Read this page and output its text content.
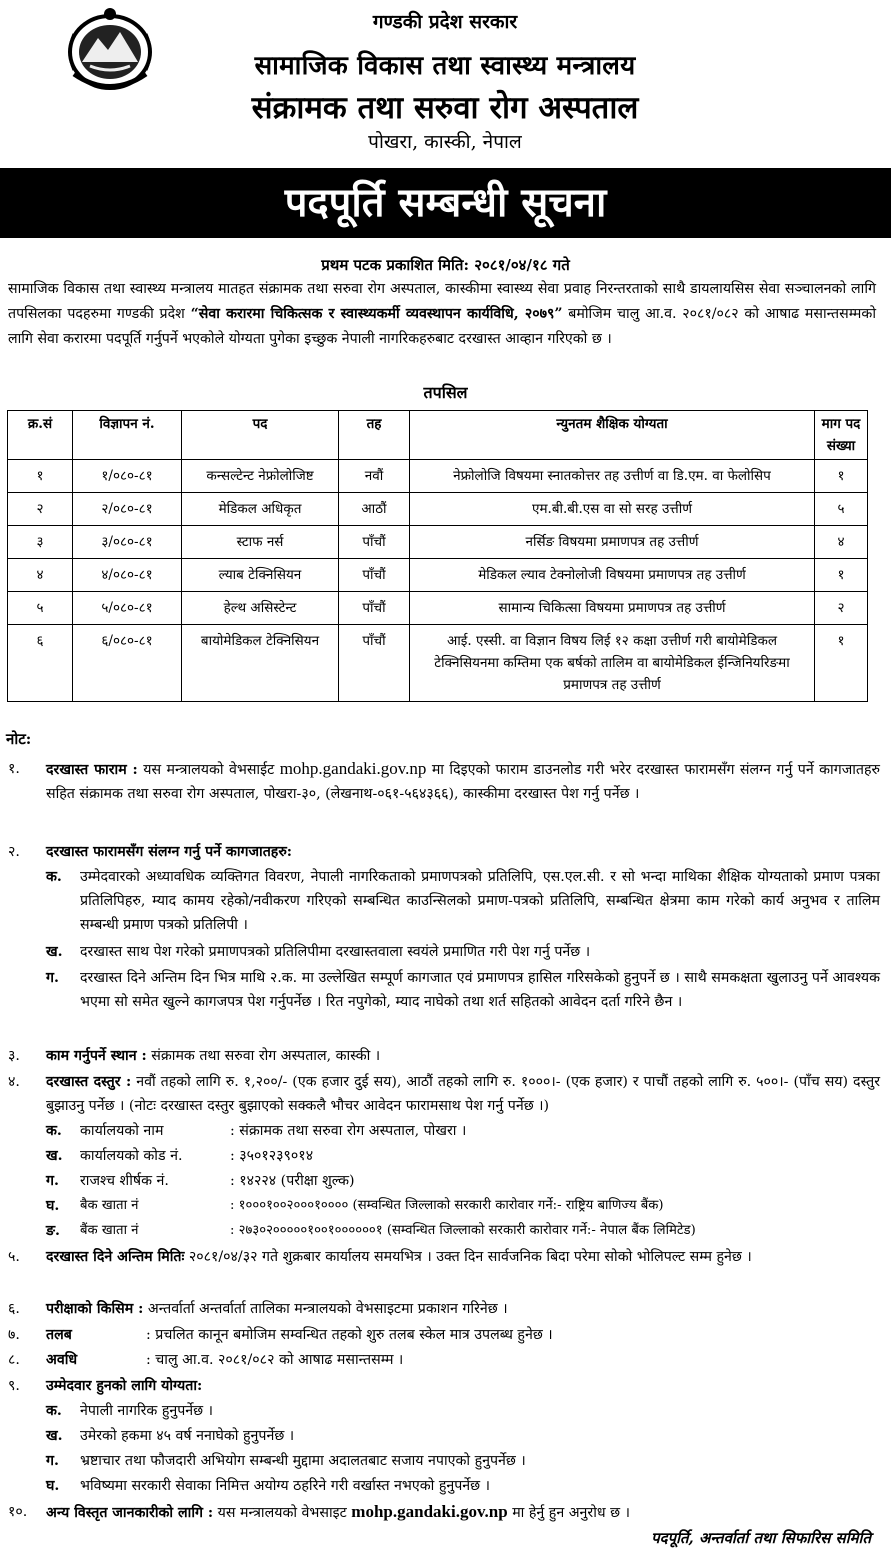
गण्डकी प्रदेश सरकार
सामाजिक विकास तथा स्वास्थ्य मन्त्रालय
संक्रामक तथा सरुवा रोग अस्पताल
पोखरा, कास्की, नेपाल
पदपूर्ति सम्बन्धी सूचना
प्रथम पटक प्रकाशित मिति: २०८१/०४/१८ गते
सामाजिक विकास तथा स्वास्थ्य मन्त्रालय मातहत संक्रामक तथा सरुवा रोग अस्पताल, कास्कीमा स्वास्थ्य सेवा प्रवाह निरन्तरताको साथै डायलायसिस सेवा सञ्चालनको लागि तपसिलका पदहरुमा गण्डकी प्रदेश “सेवा करारमा चिकित्सक र स्वास्थ्यकर्मी व्यवस्थापन कार्यविधि, २०७९” बमोजिम चालु आ.व. २०८१/०८२ को आषाढ मसान्तसम्मको लागि सेवा करारमा पदपूर्ति गर्नुपर्ने भएकोले योग्यता पुगेका इच्छुक नेपाली नागरिकहरुबाट दरखास्त आव्हान गरिएको छ ।
तपसिल
क्र.सं	विज्ञापन नं.	पद	तह	न्युनतम शैक्षिक योग्यता	माग पद संख्या
१	१/०८०-८१	कन्सल्टेन्ट नेफ्रोलोजिष्ट	नवौं	नेफ्रोलोजि विषयमा स्नातकोत्तर तह उत्तीर्ण वा डि.एम. वा फेलोसिप	१
२	२/०८०-८१	मेडिकल अधिकृत	आठौं	एम.बी.बी.एस वा सो सरह उत्तीर्ण	५
३	३/०८०-८१	स्टाफ नर्स	पाँचौं	नर्सिङ विषयमा प्रमाणपत्र तह उत्तीर्ण	४
४	४/०८०-८१	ल्याब टेक्निसियन	पाँचौं	मेडिकल ल्याव टेक्नोलोजी विषयमा प्रमाणपत्र तह उत्तीर्ण	१
५	५/०८०-८१	हेल्थ असिस्टेन्ट	पाँचौं	सामान्य चिकित्सा विषयमा प्रमाणपत्र तह उत्तीर्ण	२
६	६/०८०-८१	बायोमेडिकल टेक्निसियन	पाँचौं	आई. एस्सी. वा विज्ञान विषय लिई १२ कक्षा उत्तीर्ण गरी बायोमेडिकल टेक्निसियनमा कम्तिमा एक बर्षको तालिम वा बायोमेडिकल ईन्जिनियरिङमा प्रमाणपत्र तह उत्तीर्ण	१
नोट:
१.	दरखास्त फाराम : यस मन्त्रालयको वेभसाईट mohp.gandaki.gov.np मा दिइएको फाराम डाउनलोड गरी भरेर दरखास्त फारामसँग संलग्न गर्नु पर्ने कागजातहरु सहित संक्रामक तथा सरुवा रोग अस्पताल, पोखरा-३०, (लेखनाथ-०६१-५६४३६६), कास्कीमा दरखास्त पेश गर्नु पर्नेछ ।
२.	दरखास्त फारामसँग संलग्न गर्नु पर्ने कागजातहरु:
क. उम्मेदवारको अध्यावधिक व्यक्तिगत विवरण, नेपाली नागरिकताको प्रमाणपत्रको प्रतिलिपि, एस.एल.सी. र सो भन्दा माथिका शैक्षिक योग्यताको प्रमाण पत्रका प्रतिलिपिहरु, म्याद कामय रहेको/नवीकरण गरिएको सम्बन्धित काउन्सिलको प्रमाण-पत्रको प्रतिलिपि, सम्बन्धित क्षेत्रमा काम गरेको कार्य अनुभव र तालिम सम्बन्धी प्रमाण पत्रको प्रतिलिपी ।
ख. दरखास्त साथ पेश गरेको प्रमाणपत्रको प्रतिलिपीमा दरखास्तवाला स्वयंले प्रमाणित गरी पेश गर्नु पर्नेछ ।
ग. दरखास्त दिने अन्तिम दिन भित्र माथि २.क. मा उल्लेखित सम्पूर्ण कागजात एवं प्रमाणपत्र हासिल गरिसकेको हुनुपर्ने छ । साथै समकक्षता खुलाउनु पर्ने आवश्यक भएमा सो समेत खुल्ने कागजपत्र पेश गर्नुपर्नेछ । रित नपुगेको, म्याद नाघेको तथा शर्त सहितको आवेदन दर्ता गरिने छैन ।
३.	काम गर्नुपर्ने स्थान : संक्रामक तथा सरुवा रोग अस्पताल, कास्की ।
४.	दरखास्त दस्तुर : नवौं तहको लागि रु. १,२००/- (एक हजार दुई सय), आठौं तहको लागि रु. १०००।- (एक हजार) र पाचौं तहको लागि रु. ५००।- (पाँच सय) दस्तुर बुझाउनु पर्नेछ । (नोटः दरखास्त दस्तुर बुझाएको सक्कलै भौचर आवेदन फारामसाथ पेश गर्नु पर्नेछ ।)
क. कार्यालयको नाम	: संक्रामक तथा सरुवा रोग अस्पताल, पोखरा ।
ख. कार्यालयको कोड नं.	: ३५०१२३९०१४
ग. राजश्च शीर्षक नं.	: १४२२४ (परीक्षा शुल्क)
घ. बैक खाता नं	: १०००१००२०००१०००० (सम्वन्धित जिल्लाको सरकारी कारोवार गर्ने:- राष्ट्रिय बाणिज्य बैंक)
ङ. बैंक खाता नं	: २७३०२०००००१००१००००००१ (सम्वन्धित जिल्लाको सरकारी कारोवार गर्ने:- नेपाल बैंक लिमिटेड)
५.	दरखास्त दिने अन्तिम मितिः २०८१/०४/३२ गते शुक्रबार कार्यालय समयभित्र । उक्त दिन सार्वजनिक बिदा परेमा सोको भोलिपल्ट सम्म हुनेछ ।
६.	परीक्षाको किसिम : अन्तर्वार्ता अन्तर्वार्ता तालिका मन्त्रालयको वेभसाइटमा प्रकाशन गरिनेछ ।
७.	तलब	: प्रचलित कानून बमोजिम सम्वन्धित तहको शुरु तलब स्केल मात्र उपलब्ध हुनेछ ।
८.	अवधि	: चालु आ.व. २०८१/०८२ को आषाढ मसान्तसम्म ।
९.	उम्मेदवार हुनको लागि योग्यता:
क. नेपाली नागरिक हुनुपर्नेछ ।
ख. उमेरको हकमा ४५ वर्ष ननाघेको हुनुपर्नेछ ।
ग. भ्रष्टाचार तथा फौजदारी अभियोग सम्बन्धी मुद्दामा अदालतबाट सजाय नपाएको हुनुपर्नेछ ।
घ. भविष्यमा सरकारी सेवाका निमित्त अयोग्य ठहरिने गरी वर्खास्त नभएको हुनुपर्नेछ ।
१०.	अन्य विस्तृत जानकारीको लागि : यस मन्त्रालयको वेभसाइट mohp.gandaki.gov.np मा हेर्नु हुन अनुरोध छ ।
पदपूर्ति, अन्तर्वार्ता तथा सिफारिस समिति
